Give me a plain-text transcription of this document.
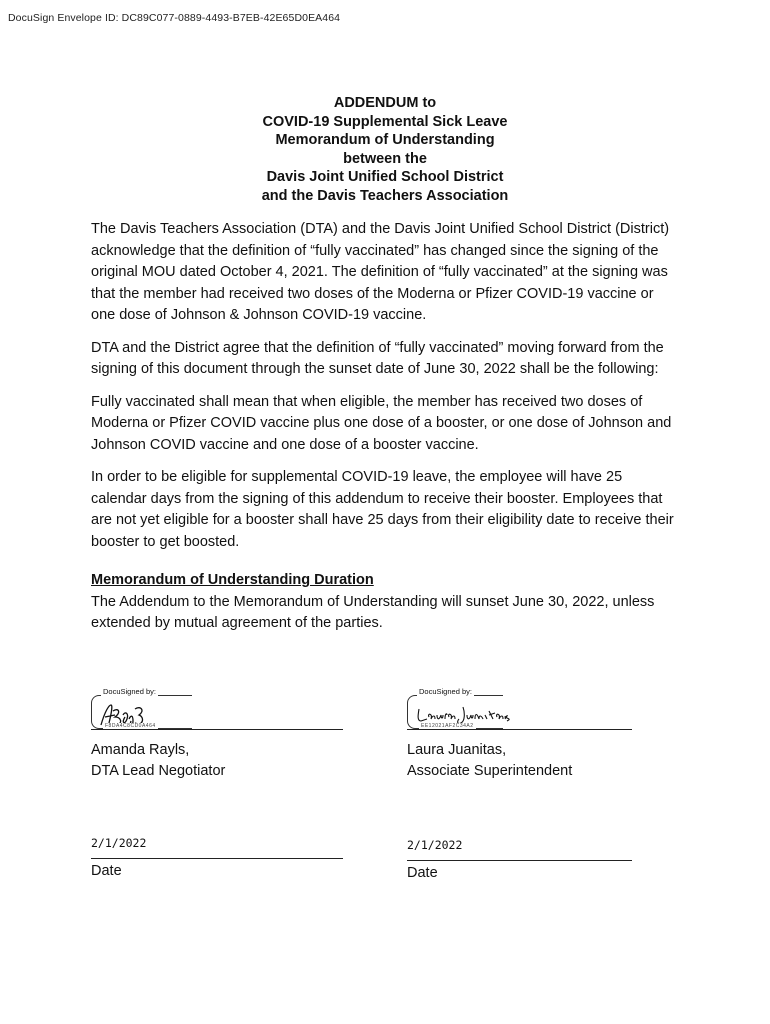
DocuSign Envelope ID: DC89C077-0889-4493-B7EB-42E65D0EA464
ADDENDUM to
COVID-19 Supplemental Sick Leave
Memorandum of Understanding
between the
Davis Joint Unified School District
and the Davis Teachers Association

The Davis Teachers Association (DTA) and the Davis Joint Unified School District (District) acknowledge that the definition of “fully vaccinated” has changed since the signing of the original MOU dated October 4, 2021. The definition of “fully vaccinated” at the signing was that the member had received two doses of the Moderna or Pfizer COVID-19 vaccine or one dose of Johnson & Johnson COVID-19 vaccine.

DTA and the District agree that the definition of “fully vaccinated” moving forward from the signing of this document through the sunset date of June 30, 2022 shall be the following:

Fully vaccinated shall mean that when eligible, the member has received two doses of Moderna or Pfizer COVID vaccine plus one dose of a booster, or one dose of Johnson and Johnson COVID vaccine and one dose of a booster vaccine.

In order to be eligible for supplemental COVID-19 leave, the employee will have 25 calendar days from the signing of this addendum to receive their booster. Employees that are not yet eligible for a booster shall have 25 days from their eligibility date to receive their booster to get boosted.

Memorandum of Understanding Duration
The Addendum to the Memorandum of Understanding will sunset June 30, 2022, unless extended by mutual agreement of the parties.
DocuSigned by:
F8DA4C8CD0A464
Amanda Rayls,
DTA Lead Negotiator
DocuSigned by:
EE12021AF2C34A2
Laura Juanitas,
Associate Superintendent
2/1/2022
Date
2/1/2022
Date
